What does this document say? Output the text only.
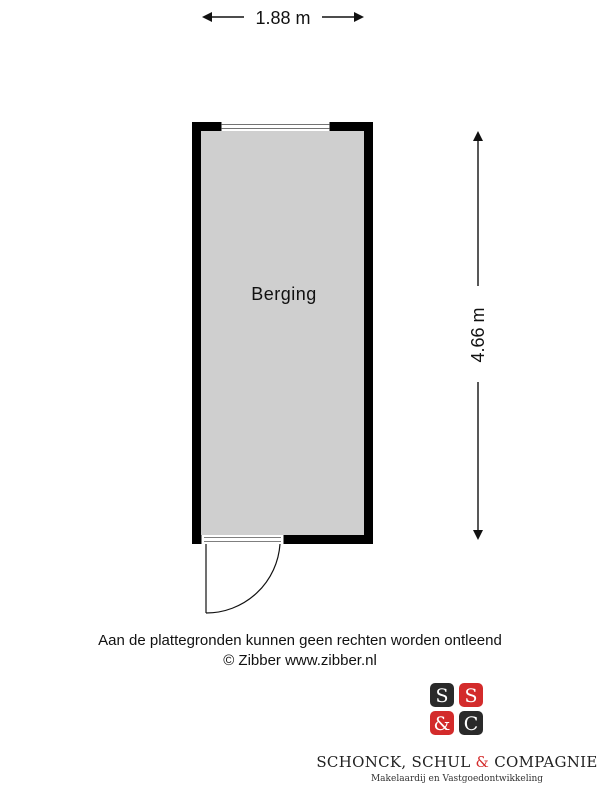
1.88 m
4.66 m
Berging
S S
& C
SCHONCK, SCHUL & COMPAGNIE
Makelaardij en Vastgoedontwikkeling
Aan de plattegronden kunnen geen rechten worden ontleend
© Zibber www.zibber.nl
